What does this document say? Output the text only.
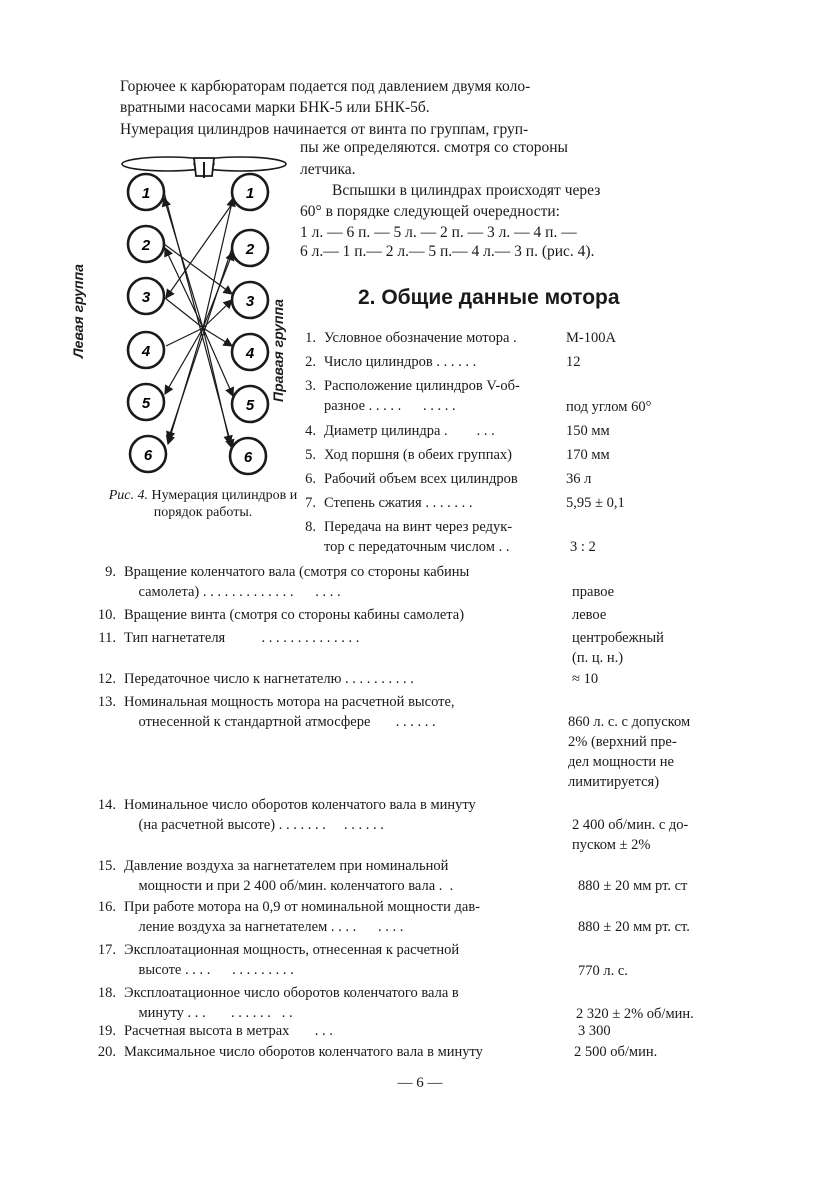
Горючее к карбюраторам подается под давлением двумя коло-
вратными насосами марки БНК-5 или БНК-5б.
Нумерация цилиндров начинается от винта по группам, груп-
пы же определяются. смотря со стороны
летчика.
Вспышки в цилиндрах происходят через
60° в порядке следующей очередности:
1 л. — 6 п. — 5 л. — 2 п. — 3 л. — 4 п. —
6 л.— 1 п.— 2 л.— 5 п.— 4 л.— 3 п. (рис. 4).
1
2
3
4
5
6
1
2
3
4
5
6
Левая группа	Правая группа
Рис. 4. Нумерация цилиндров и порядок работы.
2. Общие данные мотора
1. Условное обозначение мотора .	М-100А
2. Число цилиндров . . . . . .	12
3. Расположение цилиндров V-об-
разное . . . . .      . . . . .	под углом 60°
4. Диаметр цилиндра .        . . .	150 мм
5. Ход поршня (в обеих группах)	170 мм
6. Рабочий объем всех цилиндров	36 л
7. Степень сжатия . . . . . . .	5,95 ± 0,1
8. Передача на винт через редук-
тор с передаточным числом . .	3 : 2
9. Вращение коленчатого вала (смотря со стороны кабины
самолета) . . . . . . . . . . . . .      . . . .	правое
10. Вращение винта (смотря со стороны кабины самолета)	левое
11. Тип нагнетателя          . . . . . . . . . . . . . .	центробежный
(п. ц. н.)
12. Передаточное число к нагнетателю . . . . . . . . . .	≈ 10
13. Номинальная мощность мотора на расчетной высоте,
отнесенной к стандартной атмосфере       . . . . . .	860 л. с. с допуском
2% (верхний пре-
дел мощности не
лимитируется)
14. Номинальное число оборотов коленчатого вала в минуту
(на расчетной высоте) . . . . . . .     . . . . . .	2 400 об/мин. с до-
пуском ± 2%
15. Давление воздуха за нагнетателем при номинальной
мощности и при 2 400 об/мин. коленчатого вала .  .	880 ± 20 мм рт. ст
16. При работе мотора на 0,9 от номинальной мощности дав-
ление воздуха за нагнетателем . . . .      . . . .	880 ± 20 мм рт. ст.
17. Эксплоатационная мощность, отнесенная к расчетной
высоте . . . .      . . . . . . . . .	770 л. с.
18. Эксплоатационное число оборотов коленчатого вала в
минуту . . .       . . . . . .   . .	2 320 ± 2% об/мин.
19. Расчетная высота в метрах       . . .	3 300
20. Максимальное число оборотов коленчатого вала в минуту	2 500 об/мин.
— 6 —
